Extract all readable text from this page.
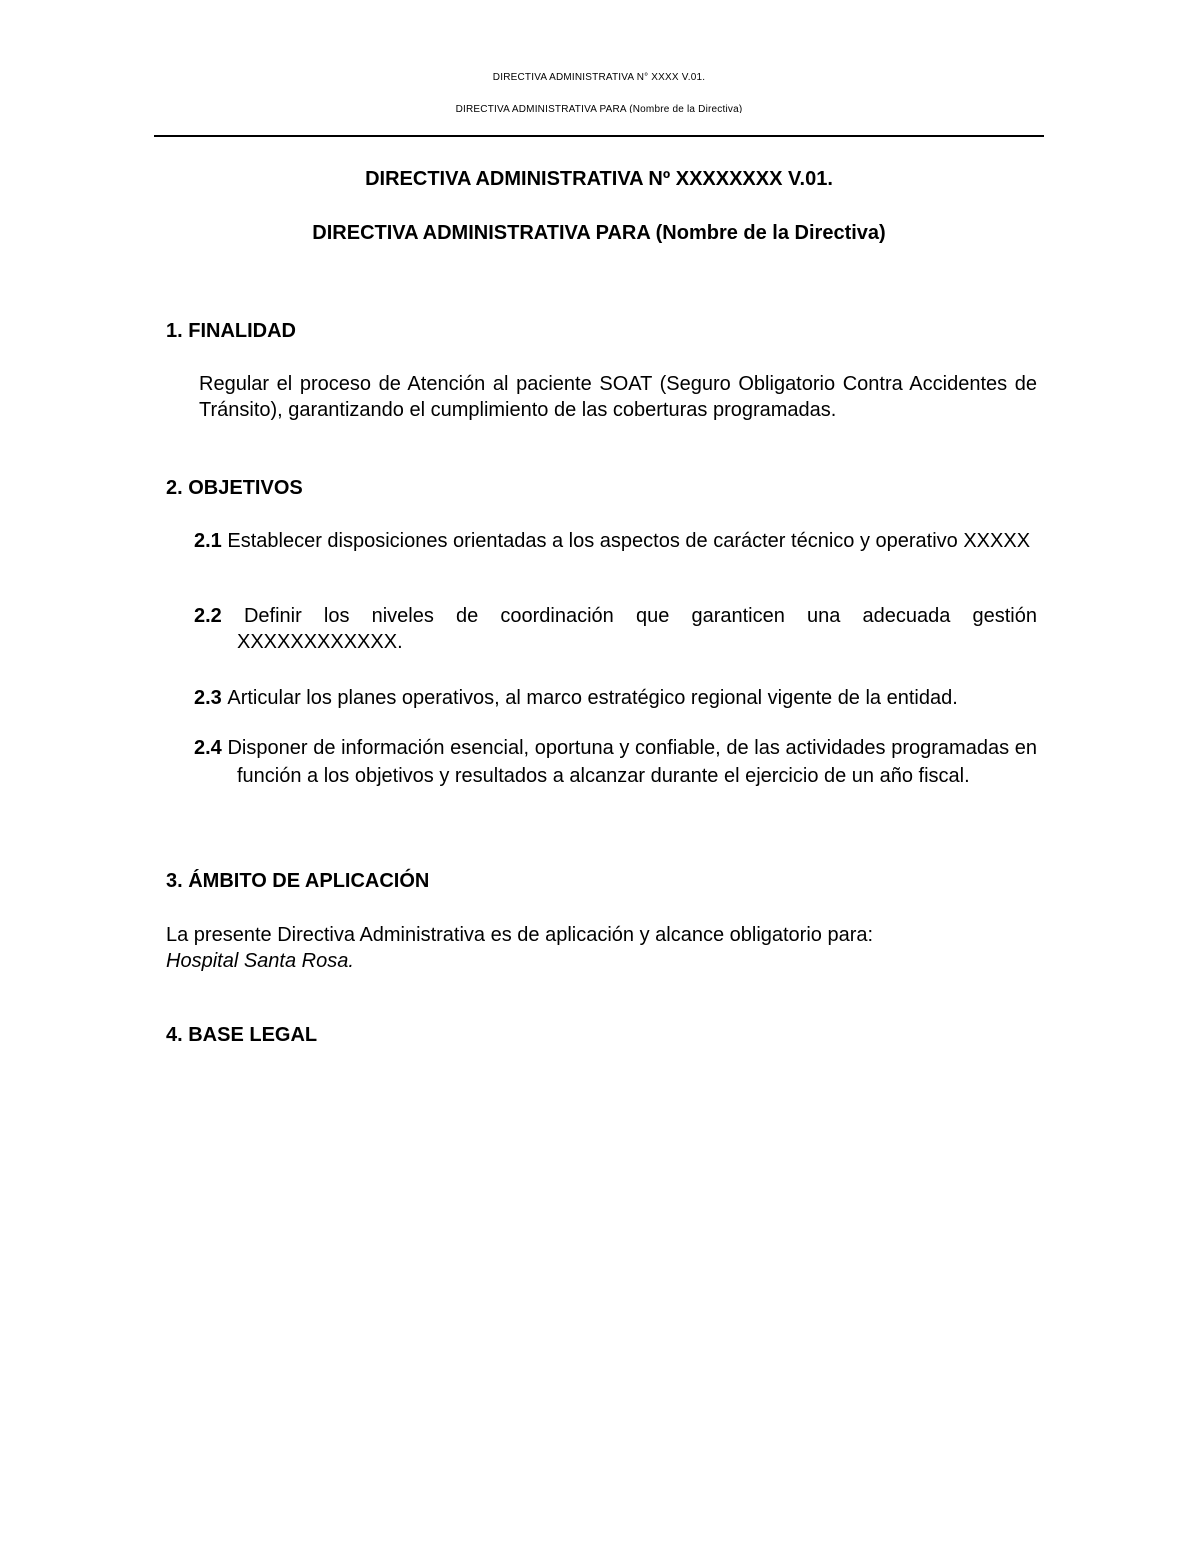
DIRECTIVA ADMINISTRATIVA N° XXXX V.01.
DIRECTIVA ADMINISTRATIVA PARA (Nombre de la Directiva)
DIRECTIVA ADMINISTRATIVA Nº XXXXXXXX V.01.
DIRECTIVA ADMINISTRATIVA PARA (Nombre de la Directiva)
1. FINALIDAD
Regular el proceso de Atención al paciente SOAT (Seguro Obligatorio Contra Accidentes de Tránsito), garantizando el cumplimiento de las coberturas programadas.
2. OBJETIVOS
2.1 Establecer disposiciones orientadas a los aspectos de carácter técnico y operativo XXXXX
2.2 Definir los niveles de coordinación que garanticen una adecuada gestión XXXXXXXXXXXX.
2.3 Articular los planes operativos, al marco estratégico regional vigente de la entidad.
2.4 Disponer de información esencial, oportuna y confiable, de las actividades programadas en función a los objetivos y resultados a alcanzar durante el ejercicio de un año fiscal.
3. ÁMBITO DE APLICACIÓN
La presente Directiva Administrativa es de aplicación y alcance obligatorio para:
Hospital Santa Rosa.
4. BASE LEGAL
